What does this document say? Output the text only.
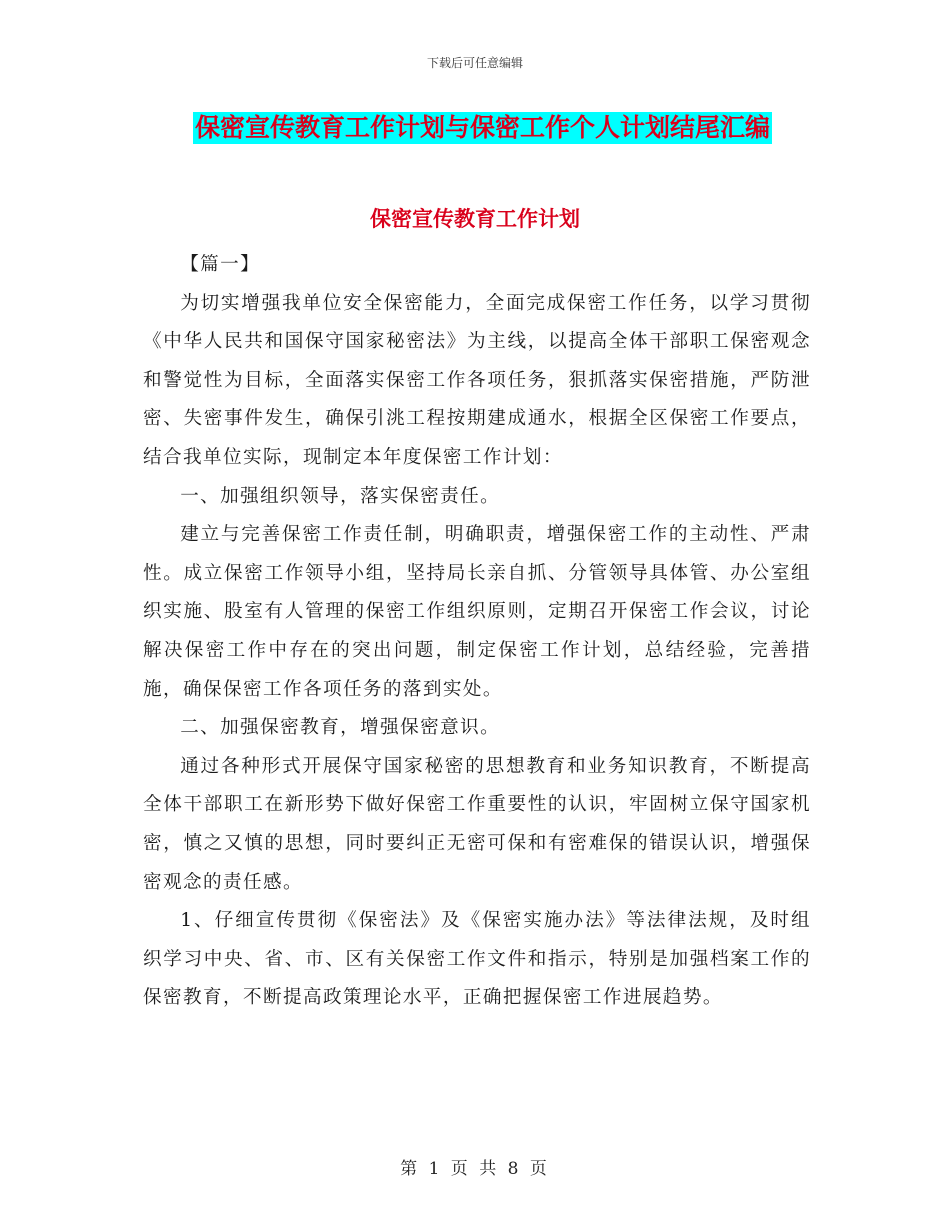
下载后可任意编辑
保密宣传教育工作计划与保密工作个人计划结尾汇编
保密宣传教育工作计划

【篇一】

为切实增强我单位安全保密能力，全面完成保密工作任务，以学习贯彻《中华人民共和国保守国家秘密法》为主线，以提高全体干部职工保密观念和警觉性为目标，全面落实保密工作各项任务，狠抓落实保密措施，严防泄密、失密事件发生，确保引洮工程按期建成通水，根据全区保密工作要点，结合我单位实际，现制定本年度保密工作计划：

一、加强组织领导，落实保密责任。

建立与完善保密工作责任制，明确职责，增强保密工作的主动性、严肃性。成立保密工作领导小组，坚持局长亲自抓、分管领导具体管、办公室组织实施、股室有人管理的保密工作组织原则，定期召开保密工作会议，讨论解决保密工作中存在的突出问题，制定保密工作计划，总结经验，完善措施，确保保密工作各项任务的落到实处。

二、加强保密教育，增强保密意识。

通过各种形式开展保守国家秘密的思想教育和业务知识教育，不断提高全体干部职工在新形势下做好保密工作重要性的认识，牢固树立保守国家机密，慎之又慎的思想，同时要纠正无密可保和有密难保的错误认识，增强保密观念的责任感。

1、仔细宣传贯彻《保密法》及《保密实施办法》等法律法规，及时组织学习中央、省、市、区有关保密工作文件和指示，特别是加强档案工作的保密教育，不断提高政策理论水平，正确把握保密工作进展趋势。

第 1 页 共 8 页
